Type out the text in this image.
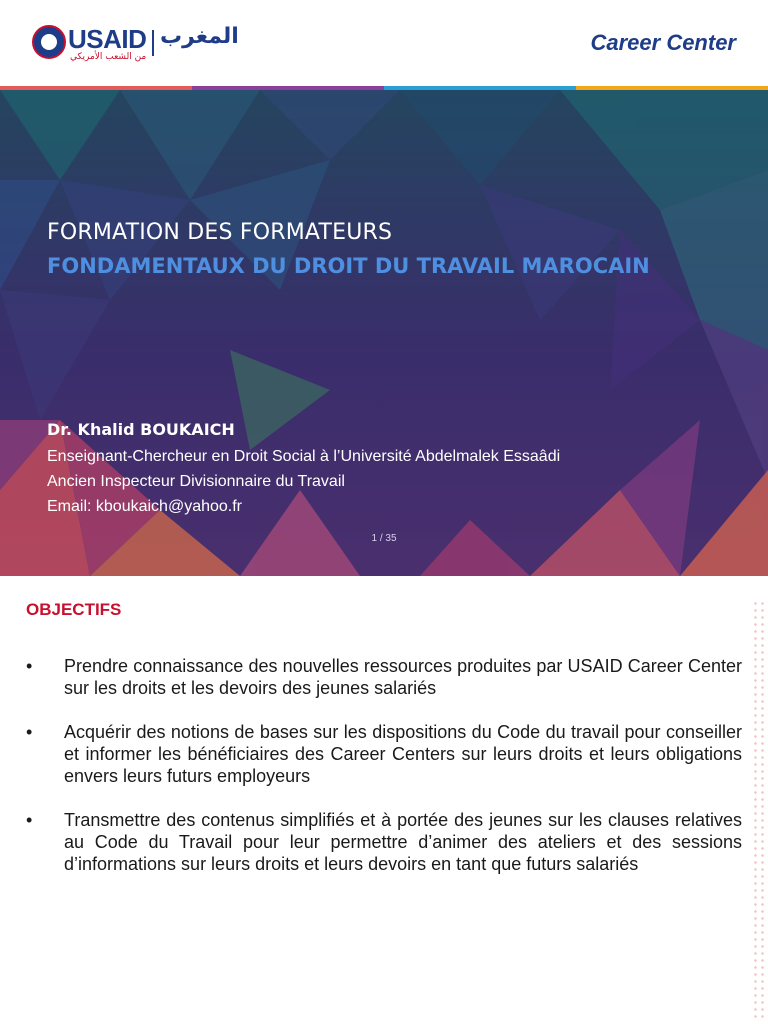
USAID المغرب
من الشعب الأمريكي
Career Center
FORMATION DES FORMATEURS
FONDAMENTAUX DU DROIT DU TRAVAIL MAROCAIN
Dr. Khalid BOUKAICH
Enseignant-Chercheur en Droit Social à l’Université Abdelmalek Essaâdi
Ancien Inspecteur Divisionnaire du Travail
Email: kboukaich@yahoo.fr
1 / 35
OBJECTIFS
•	Prendre connaissance des nouvelles ressources produites par USAID Career Center sur les droits et les devoirs des jeunes salariés
•	Acquérir des notions de bases sur les dispositions du Code du travail pour conseiller et informer les bénéficiaires des Career Centers sur leurs droits et leurs obligations envers leurs futurs employeurs
•	Transmettre des contenus simplifiés et à portée des jeunes sur les clauses relatives au Code du Travail pour leur permettre d’animer des ateliers et des sessions d’informations sur leurs droits et leurs devoirs en tant que futurs salariés
